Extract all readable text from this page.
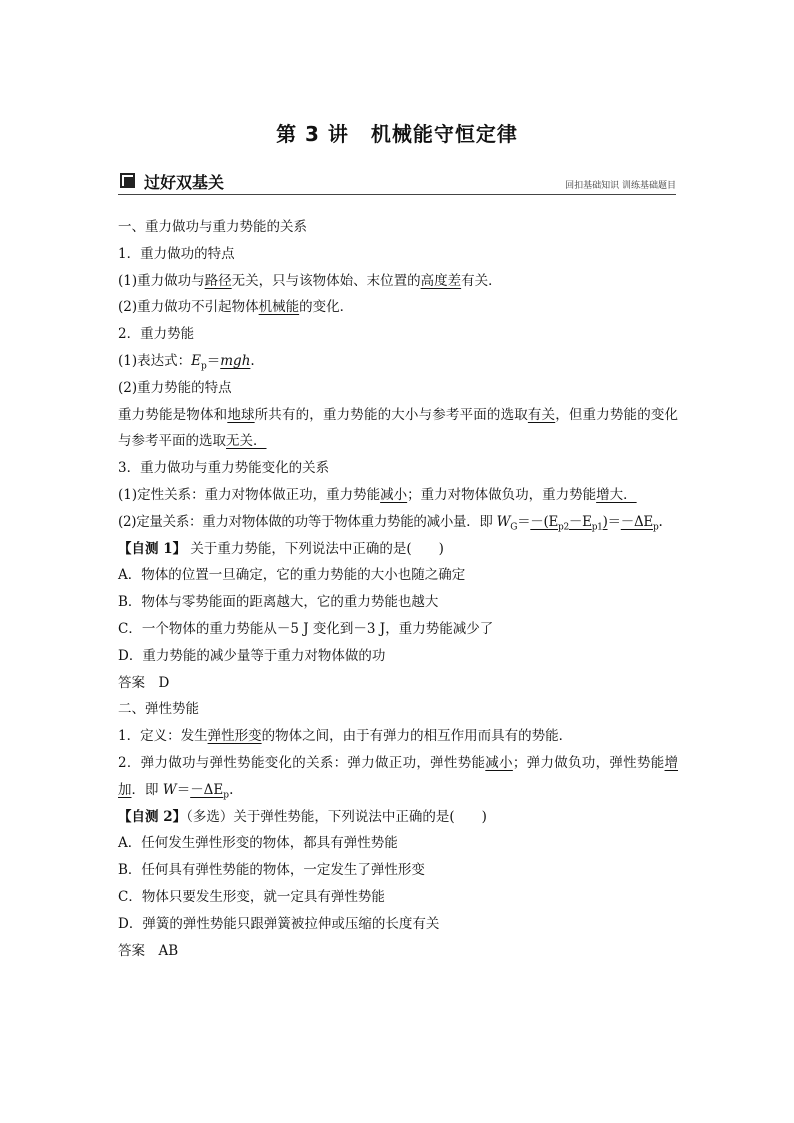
第 3 讲 机械能守恒定律
过好双基关	回扣基础知识 训练基础题目
一、重力做功与重力势能的关系
1．重力做功的特点
(1)重力做功与路径无关，只与该物体始、末位置的高度差有关．
(2)重力做功不引起物体机械能的变化．
2．重力势能
(1)表达式：$E_p=mgh$.
(2)重力势能的特点
重力势能是物体和地球所共有的，重力势能的大小与参考平面的选取有关，但重力势能的变化与参考平面的选取无关．
3．重力做功与重力势能变化的关系
(1)定性关系：重力对物体做正功，重力势能减小；重力对物体做负功，重力势能增大．
(2)定量关系：重力对物体做的功等于物体重力势能的减小量．即 $W_G=-(E_{p2}-E_{p1})=-\Delta E_p$.
【自测 1】 关于重力势能，下列说法中正确的是(　　)
A．物体的位置一旦确定，它的重力势能的大小也随之确定
B．物体与零势能面的距离越大，它的重力势能也越大
C．一个物体的重力势能从－5 J 变化到－3 J，重力势能减少了
D．重力势能的减少量等于重力对物体做的功
答案　D
二、弹性势能
1．定义：发生弹性形变的物体之间，由于有弹力的相互作用而具有的势能．
2．弹力做功与弹性势能变化的关系：弹力做正功，弹性势能减小；弹力做负功，弹性势能增加．即 $W=-\Delta E_p$.
【自测 2】（多选）关于弹性势能，下列说法中正确的是(　　)
A．任何发生弹性形变的物体，都具有弹性势能
B．任何具有弹性势能的物体，一定发生了弹性形变
C．物体只要发生形变，就一定具有弹性势能
D．弹簧的弹性势能只跟弹簧被拉伸或压缩的长度有关
答案　AB
